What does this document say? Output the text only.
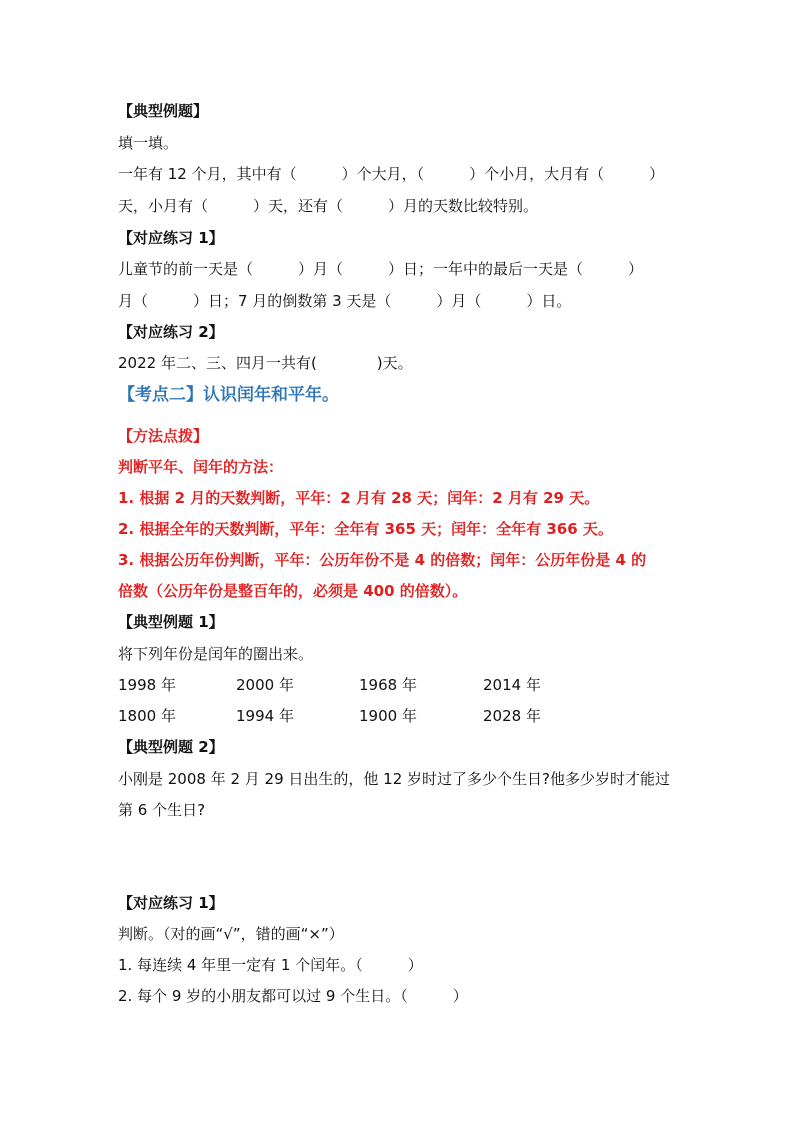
【典型例题】
填一填。
一年有 12 个月，其中有（　　　）个大月，（　　　）个小月，大月有（　　　）
天，小月有（　　　）天，还有（　　　）月的天数比较特别。
【对应练习 1】
儿童节的前一天是（　　　）月（　　　）日；一年中的最后一天是（　　　）
月（　　　）日；7 月的倒数第 3 天是（　　　）月（　　　）日。
【对应练习 2】
2022 年二、三、四月一共有(　　　　)天。
【考点二】认识闰年和平年。
【方法点拨】
判断平年、闰年的方法：
1. 根据 2 月的天数判断，平年：2 月有 28 天；闰年：2 月有 29 天。
2. 根据全年的天数判断，平年：全年有 365 天；闰年：全年有 366 天。
3. 根据公历年份判断，平年：公历年份不是 4 的倍数；闰年：公历年份是 4 的
倍数（公历年份是整百年的，必须是 400 的倍数）。
【典型例题 1】
将下列年份是闰年的圈出来。
1998 年	2000 年	1968 年	2014 年
1800 年	1994 年	1900 年	2028 年
【典型例题 2】
小刚是 2008 年 2 月 29 日出生的，他 12 岁时过了多少个生日?他多少岁时才能过
第 6 个生日?
【对应练习 1】
判断。（对的画“√”，错的画“×”）
1. 每连续 4 年里一定有 1 个闰年。（　　　）
2. 每个 9 岁的小朋友都可以过 9 个生日。（　　　）
